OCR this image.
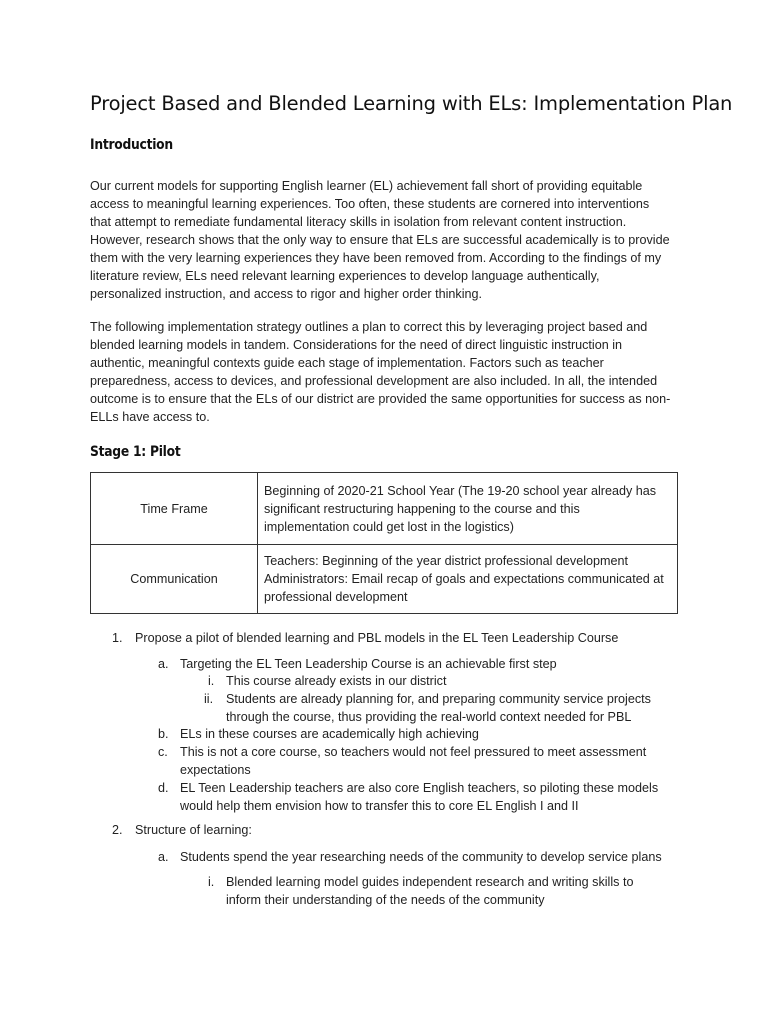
Project Based and Blended Learning with ELs: Implementation Plan
Introduction
Our current models for supporting English learner (EL) achievement fall short of providing equitable
access to meaningful learning experiences. Too often, these students are cornered into interventions
that attempt to remediate fundamental literacy skills in isolation from relevant content instruction.
However, research shows that the only way to ensure that ELs are successful academically is to provide
them with the very learning experiences they have been removed from. According to the findings of my
literature review, ELs need relevant learning experiences to develop language authentically,
personalized instruction, and access to rigor and higher order thinking.
The following implementation strategy outlines a plan to correct this by leveraging project based and
blended learning models in tandem. Considerations for the need of direct linguistic instruction in
authentic, meaningful contexts guide each stage of implementation. Factors such as teacher
preparedness, access to devices, and professional development are also included. In all, the intended
outcome is to ensure that the ELs of our district are provided the same opportunities for success as non-
ELLs have access to.
Stage 1: Pilot
Time Frame	Beginning of 2020-21 School Year (The 19-20 school year already has
significant restructuring happening to the course and this
implementation could get lost in the logistics)

Communication	Teachers: Beginning of the year district professional development
Administrators: Email recap of goals and expectations communicated at
professional development
1. Propose a pilot of blended learning and PBL models in the EL Teen Leadership Course
a. Targeting the EL Teen Leadership Course is an achievable first step
i. This course already exists in our district
ii. Students are already planning for, and preparing community service projects
through the course, thus providing the real-world context needed for PBL
b. ELs in these courses are academically high achieving
c. This is not a core course, so teachers would not feel pressured to meet assessment
expectations
d. EL Teen Leadership teachers are also core English teachers, so piloting these models
would help them envision how to transfer this to core EL English I and II
2. Structure of learning:
a. Students spend the year researching needs of the community to develop service plans
i. Blended learning model guides independent research and writing skills to
inform their understanding of the needs of the community
